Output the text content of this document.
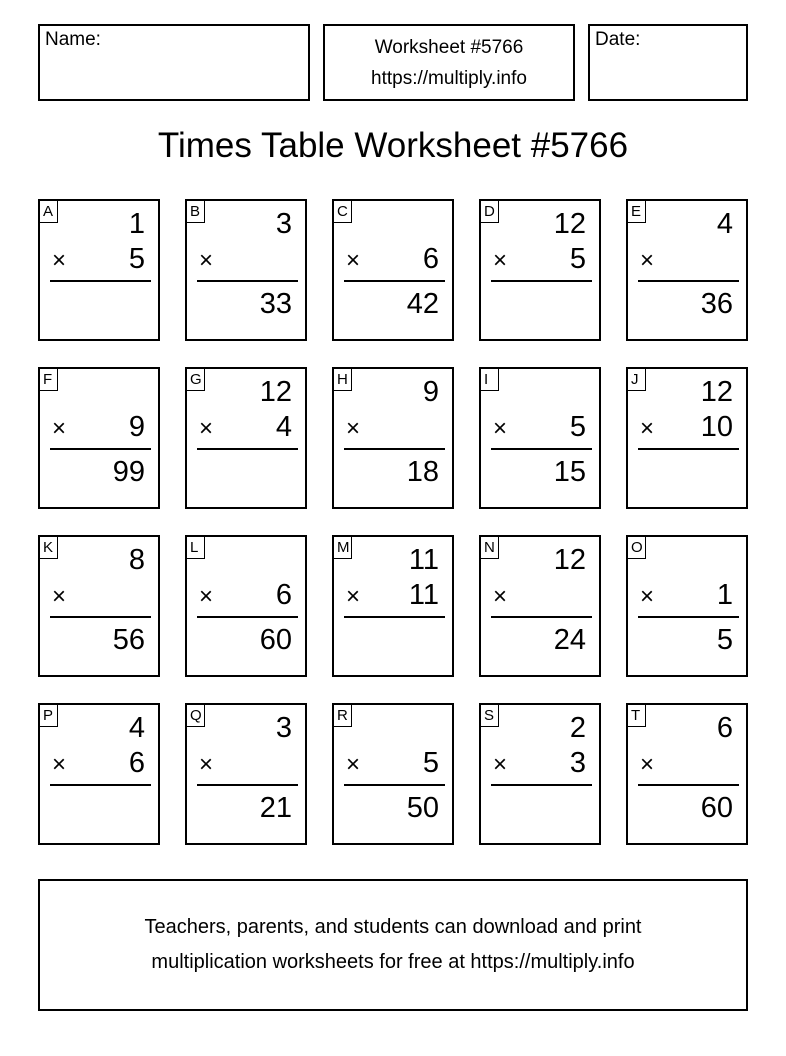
Name:	Worksheet #5766
https://multiply.info
Date:
Times Table Worksheet #5766
A	1
× 5
B	3
×
33
C
× 6
42
D 12
× 5
E	4
×
36
F
× 9
99
G 12
× 4
H	9
×
18
I
× 5
15
J 12
× 10
K	8
×
56
L
× 6
60
M 11
× 11
N 12
×
24
O
× 1
5
P	4
× 6
Q	3
×
21
R
× 5
50
S	2
× 3
T	6
×
60
Teachers, parents, and students can download and print
multiplication worksheets for free at https://multiply.info
